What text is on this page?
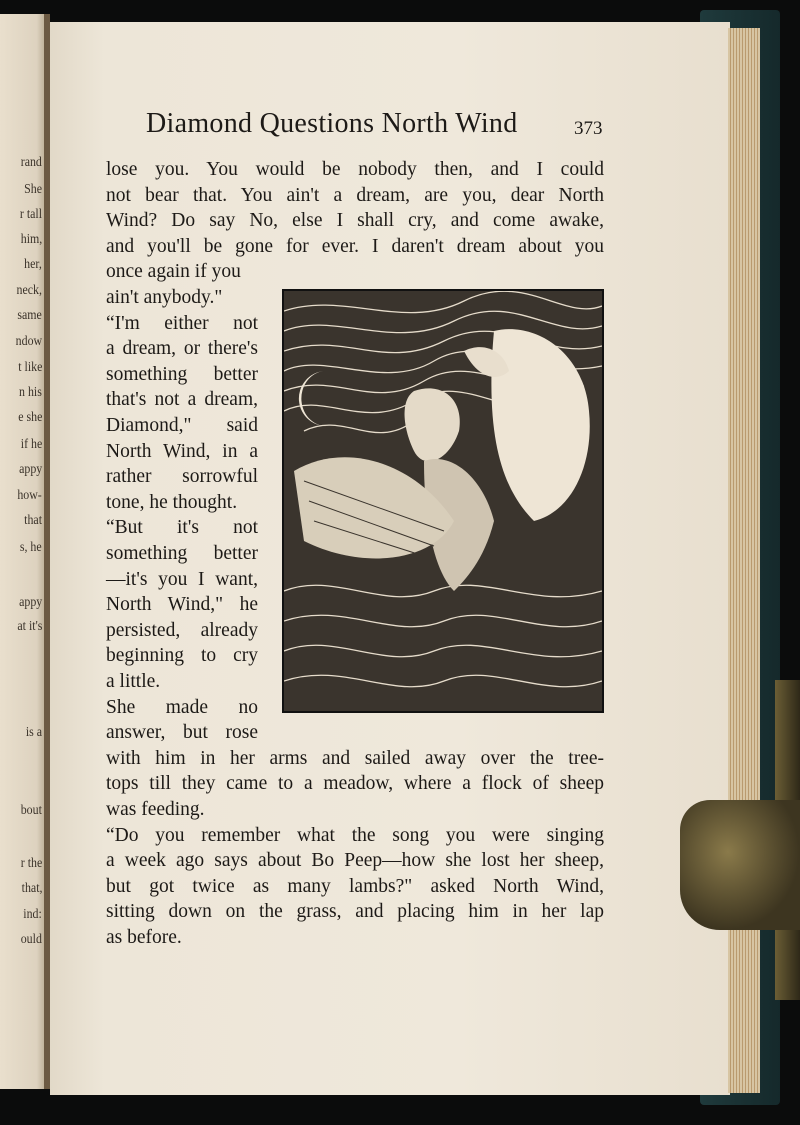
rand
She
r tall
him,
her,
neck,
same
ndow
t like
n his
e she
if he
appy
how-
that
s, he
appy
at it's
is a
bout
r the
that,
ind:
ould
Diamond Questions North Wind	373
lose you. You would be nobody then, and I could
not bear that. You ain't a dream, are you, dear North
Wind? Do say No, else I shall cry, and come awake,
and you'll be gone for ever. I daren't dream about you
once again if you
ain't anybody."
“I'm either not
a dream, or there's
something better
that's not a dream,
Diamond," said
North Wind, in a
rather sorrowful
tone, he thought.
“But it's not
something better
—it's you I want,
North Wind," he
persisted, already
beginning to cry
a little.
She made no
answer, but rose
with him in her arms and sailed away over the tree-
tops till they came to a meadow, where a flock of sheep
was feeding.
“Do you remember what the song you were singing
a week ago says about Bo Peep—how she lost her sheep,
but got twice as many lambs?" asked North Wind,
sitting down on the grass, and placing him in her lap
as before.
